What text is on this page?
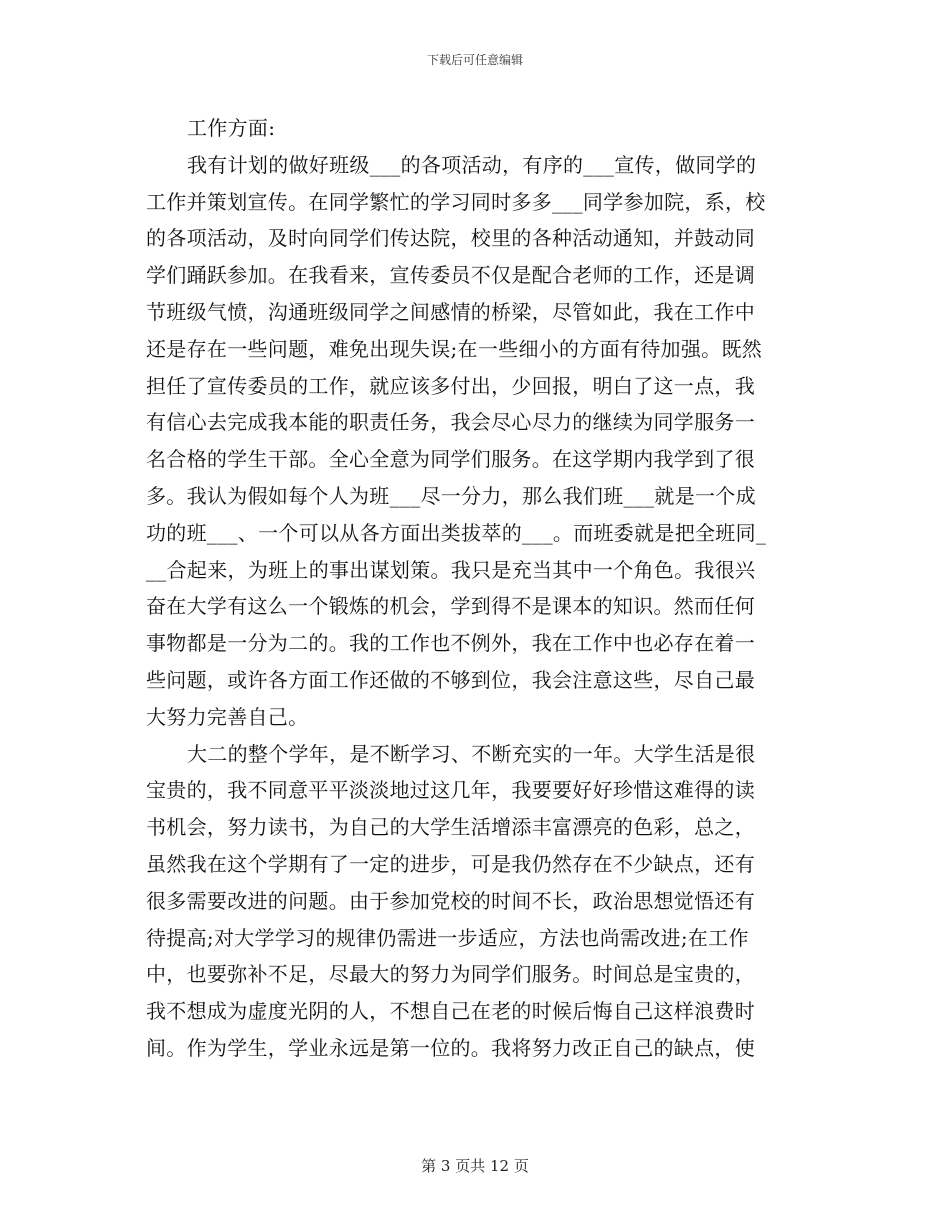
下载后可任意编辑
工作方面:
我有计划的做好班级___的各项活动，有序的___宣传，做同学的
工作并策划宣传。在同学繁忙的学习同时多多___同学参加院，系，校
的各项活动，及时向同学们传达院，校里的各种活动通知，并鼓动同
学们踊跃参加。在我看来，宣传委员不仅是配合老师的工作，还是调
节班级气愤，沟通班级同学之间感情的桥梁，尽管如此，我在工作中
还是存在一些问题，难免出现失误;在一些细小的方面有待加强。既然
担任了宣传委员的工作，就应该多付出，少回报，明白了这一点，我
有信心去完成我本能的职责任务，我会尽心尽力的继续为同学服务一
名合格的学生干部。全心全意为同学们服务。在这学期内我学到了很
多。我认为假如每个人为班___尽一分力，那么我们班___就是一个成
功的班___、一个可以从各方面出类拔萃的___。而班委就是把全班同_
__合起来，为班上的事出谋划策。我只是充当其中一个角色。我很兴
奋在大学有这么一个锻炼的机会，学到得不是课本的知识。然而任何
事物都是一分为二的。我的工作也不例外，我在工作中也必存在着一
些问题，或许各方面工作还做的不够到位，我会注意这些，尽自己最
大努力完善自己。
大二的整个学年，是不断学习、不断充实的一年。大学生活是很
宝贵的，我不同意平平淡淡地过这几年，我要要好好珍惜这难得的读
书机会，努力读书，为自己的大学生活增添丰富漂亮的色彩，总之，
虽然我在这个学期有了一定的进步，可是我仍然存在不少缺点，还有
很多需要改进的问题。由于参加党校的时间不长，政治思想觉悟还有
待提高;对大学学习的规律仍需进一步适应，方法也尚需改进;在工作
中，也要弥补不足，尽最大的努力为同学们服务。时间总是宝贵的，
我不想成为虚度光阴的人，不想自己在老的时候后悔自己这样浪费时
间。作为学生，学业永远是第一位的。我将努力改正自己的缺点，使
第 3 页共 12 页
